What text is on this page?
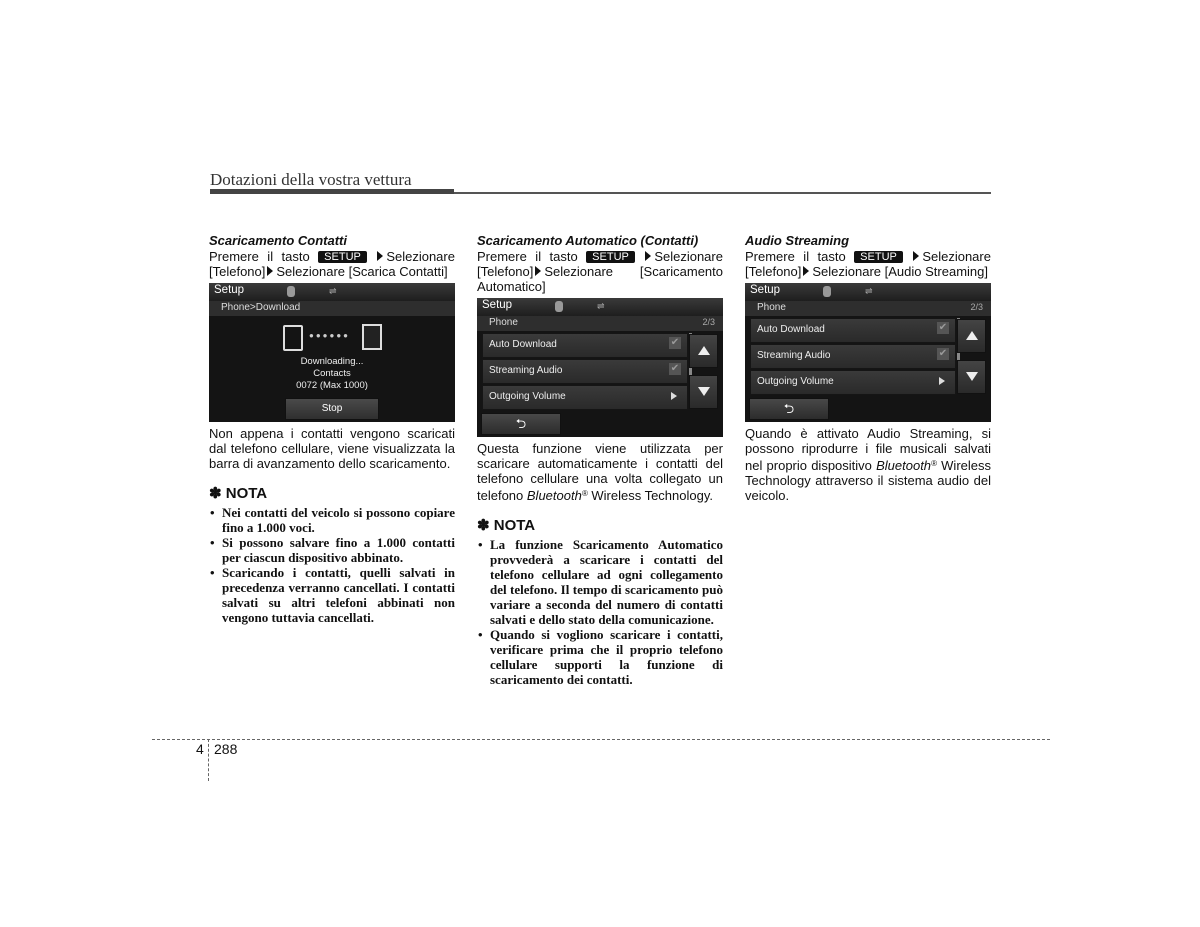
Dotazioni della vostra vettura
Scaricamento Contatti
Premere il tasto SETUP Selezionare [Telefono] Selezionare [Scarica Contatti]
Setup	⇌
Phone>Download
●●●●●●
Downloading...
Contacts
0072 (Max 1000)
Stop
Non appena i contatti vengono scaricati dal telefono cellulare, viene visualizzata la barra di avanzamento dello scaricamento.
✽ NOTA
• Nei contatti del veicolo si possono copiare fino a 1.000 voci.
• Si possono salvare fino a 1.000 contatti per ciascun dispositivo abbinato.
• Scaricando i contatti, quelli salvati in precedenza verranno cancellati. I contatti salvati su altri telefoni abbinati non vengono tuttavia cancellati.
Scaricamento Automatico (Contatti)
Premere il tasto SETUP Selezionare [Telefono] Selezionare [Scaricamento Automatico]
Setup	⇌
Phone	2/3
Auto Download	✔
Streaming Audio	✔
Outgoing Volume
⮌
Questa funzione viene utilizzata per scaricare automaticamente i contatti del telefono cellulare una volta collegato un telefono Bluetooth® Wireless Technology.
✽ NOTA
• La funzione Scaricamento Automatico provvederà a scaricare i contatti del telefono cellulare ad ogni collegamento del telefono. Il tempo di scaricamento può variare a seconda del numero di contatti salvati e dello stato della comunicazione.
• Quando si vogliono scaricare i contatti, verificare prima che il proprio telefono cellulare supporti la funzione di scaricamento dei contatti.
Audio Streaming
Premere il tasto SETUP Selezionare [Telefono] Selezionare [Audio Streaming]
Setup	⇌
Phone	2/3
Auto Download	✔
Streaming Audio	✔
Outgoing Volume
⮌
Quando è attivato Audio Streaming, si possono riprodurre i file musicali salvati nel proprio dispositivo Bluetooth® Wireless Technology attraverso il sistema audio del veicolo.
4 288
